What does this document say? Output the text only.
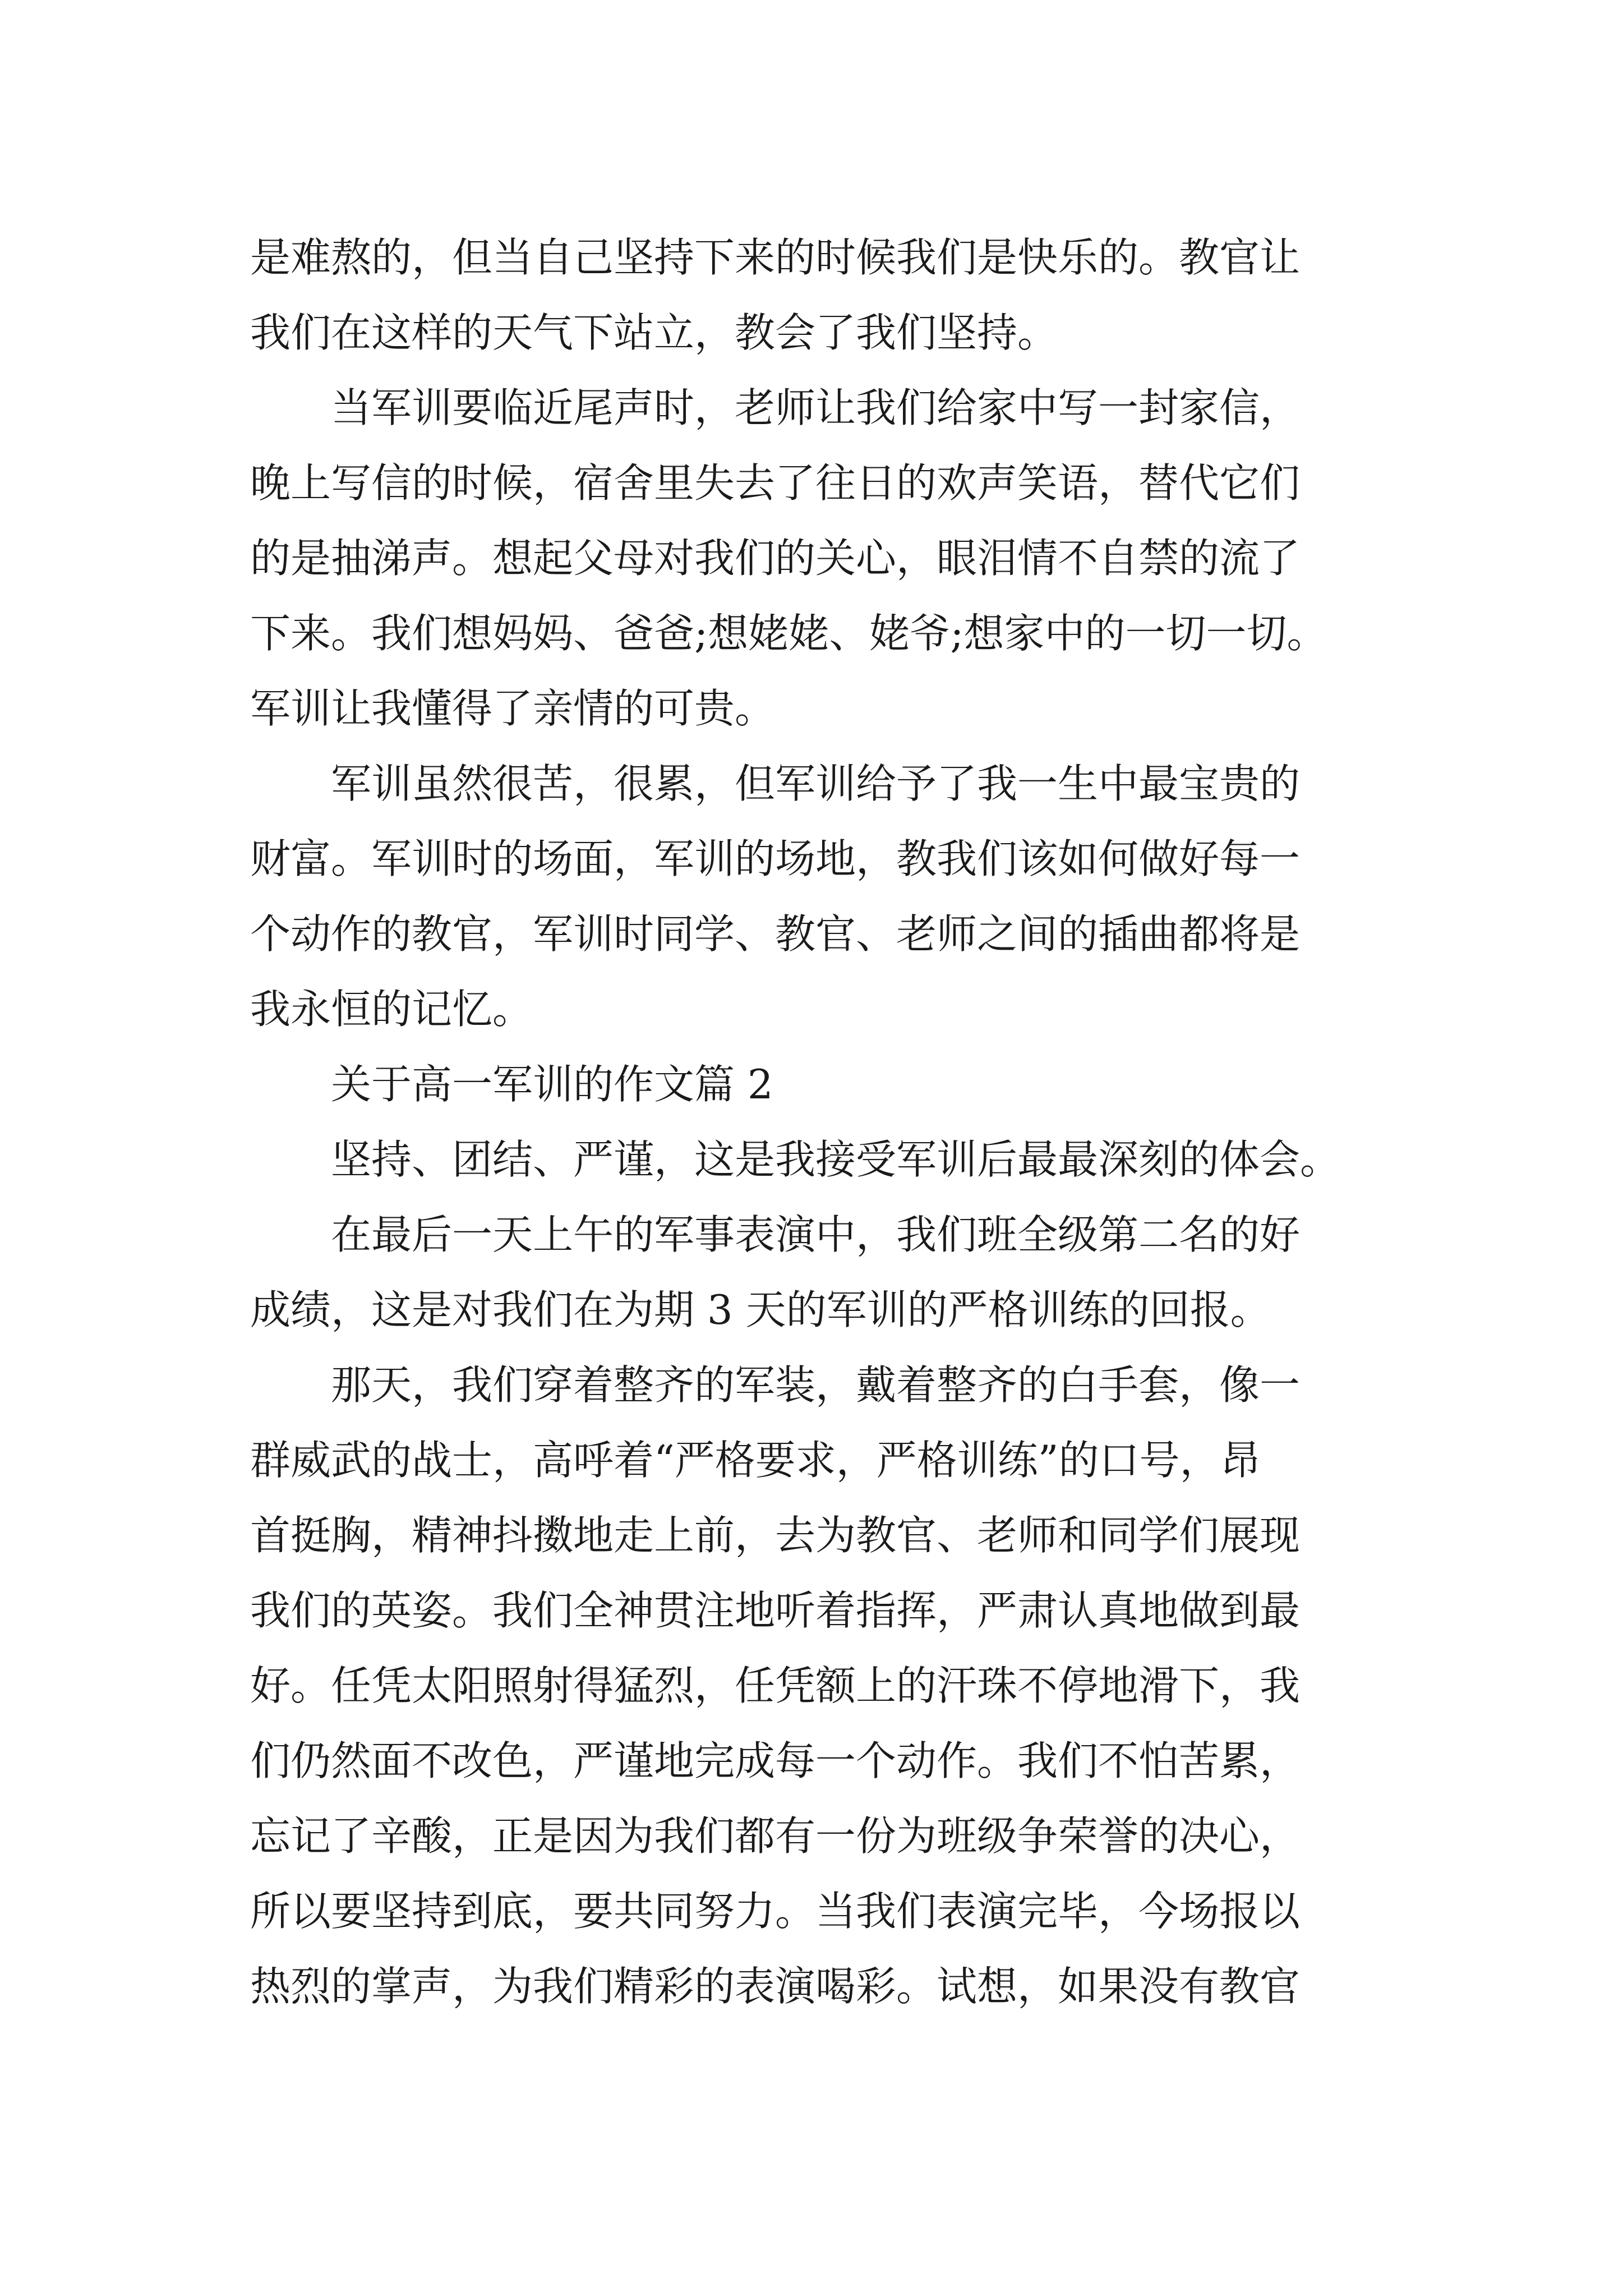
是难熬的，但当自己坚持下来的时候我们是快乐的。教官让
我们在这样的天气下站立，教会了我们坚持。
当军训要临近尾声时，老师让我们给家中写一封家信，
晚上写信的时候，宿舍里失去了往日的欢声笑语，替代它们
的是抽涕声。想起父母对我们的关心，眼泪情不自禁的流了
下来。我们想妈妈、爸爸;想姥姥、姥爷;想家中的一切一切。
军训让我懂得了亲情的可贵。
军训虽然很苦，很累，但军训给予了我一生中最宝贵的
财富。军训时的场面，军训的场地，教我们该如何做好每一
个动作的教官，军训时同学、教官、老师之间的插曲都将是
我永恒的记忆。
关于高一军训的作文篇 2
坚持、团结、严谨，这是我接受军训后最最深刻的体会。
在最后一天上午的军事表演中，我们班全级第二名的好
成绩，这是对我们在为期 3 天的军训的严格训练的回报。
那天，我们穿着整齐的军装，戴着整齐的白手套，像一
群威武的战士，高呼着“严格要求，严格训练”的口号，昂
首挺胸，精神抖擞地走上前，去为教官、老师和同学们展现
我们的英姿。我们全神贯注地听着指挥，严肃认真地做到最
好。任凭太阳照射得猛烈，任凭额上的汗珠不停地滑下，我
们仍然面不改色，严谨地完成每一个动作。我们不怕苦累，
忘记了辛酸，正是因为我们都有一份为班级争荣誉的决心，
所以要坚持到底，要共同努力。当我们表演完毕，今场报以
热烈的掌声，为我们精彩的表演喝彩。试想，如果没有教官
